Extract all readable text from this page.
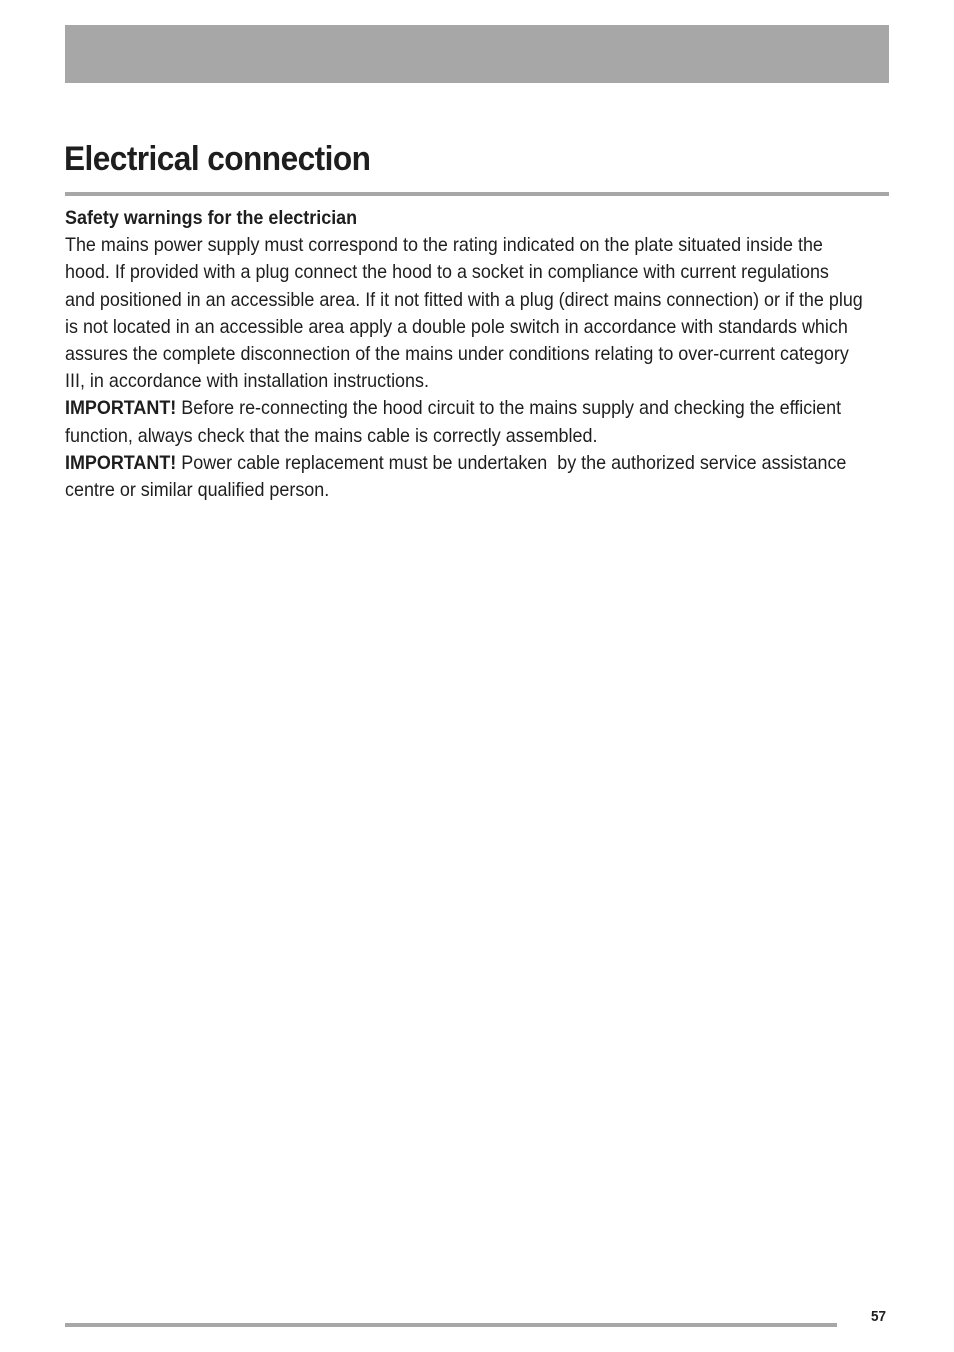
Electrical connection
Safety warnings for the electrician
The mains power supply must correspond to the rating indicated on the plate situated inside the
hood. If provided with a plug connect the hood to a socket in compliance with current regulations
and positioned in an accessible area. If it not fitted with a plug (direct mains connection) or if the plug
is not located in an accessible area apply a double pole switch in accordance with standards which
assures the complete disconnection of the mains under conditions relating to over-current category
III, in accordance with installation instructions.
IMPORTANT! Before re-connecting the hood circuit to the mains supply and checking the efficient
function, always check that the mains cable is correctly assembled.
IMPORTANT! Power cable replacement must be undertaken  by the authorized service assistance
centre or similar qualified person.
57
